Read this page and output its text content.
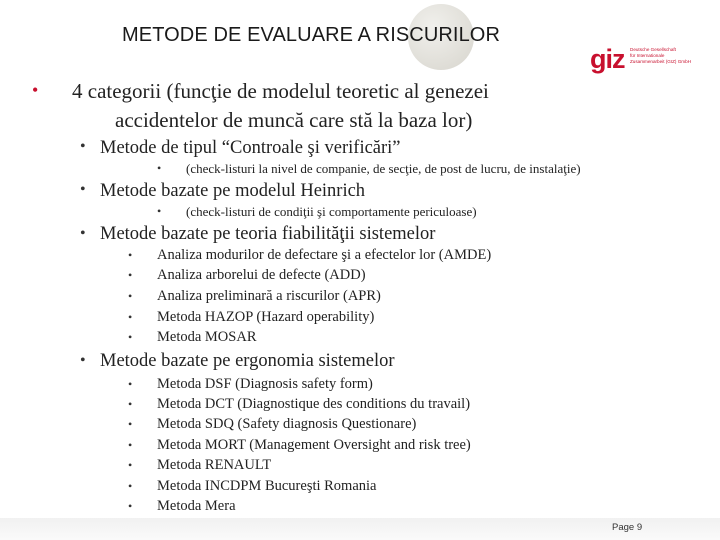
METODE DE EVALUARE A RISCURILOR
giz Deutsche Gesellschaft
für Internationale
Zusammenarbeit (GIZ) GmbH
• 4 categorii (funcţie de modelul teoretic al genezei
accidentelor de muncă care stă la baza lor)
• Metode de tipul “Controale şi verificări”
• (check-listuri la nivel de companie, de secţie, de post de lucru, de instalaţie)
• Metode bazate pe modelul Heinrich
• (check-listuri de condiţii şi comportamente periculoase)
• Metode bazate pe teoria fiabilităţii sistemelor
• Analiza modurilor de defectare şi a efectelor lor (AMDE)
• Analiza arborelui de defecte (ADD)
• Analiza preliminară a riscurilor (APR)
• Metoda HAZOP (Hazard operability)
• Metoda MOSAR
• Metode bazate pe ergonomia sistemelor
• Metoda DSF (Diagnosis safety form)
• Metoda DCT (Diagnostique des conditions du travail)
• Metoda SDQ (Safety diagnosis Questionare)
• Metoda MORT (Management Oversight and risk tree)
• Metoda RENAULT
• Metoda INCDPM Bucureşti Romania
• Metoda Mera
Page 9
